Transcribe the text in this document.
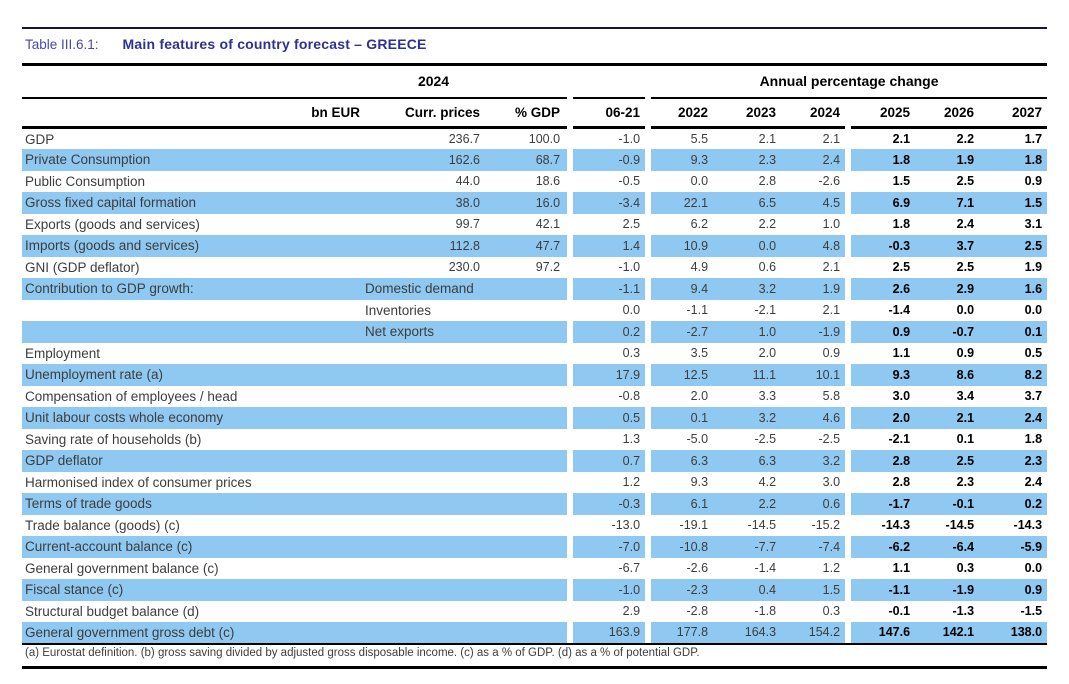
Table III.6.1: Main features of country forecast – GREECE
2024							Annual percentage change						
	bn EUR	Curr. prices	% GDP		06-21		2022	2023	2024		2025	2026	2027
GDP		236.7	100.0		-1.0		5.5	2.1	2.1		2.1	2.2	1.7
Private Consumption		162.6	68.7		-0.9		9.3	2.3	2.4		1.8	1.9	1.8
Public Consumption		44.0	18.6		-0.5		0.0	2.8	-2.6		1.5	2.5	0.9
Gross fixed capital formation		38.0	16.0		-3.4		22.1	6.5	4.5		6.9	7.1	1.5
Exports (goods and services)		99.7	42.1		2.5		6.2	2.2	1.0		1.8	2.4	3.1
Imports (goods and services)		112.8	47.7		1.4		10.9	0.0	4.8		-0.3	3.7	2.5
GNI (GDP deflator)		230.0	97.2		-1.0		4.9	0.6	2.1		2.5	2.5	1.9
Contribution to GDP growth:		Domestic demand			-1.1		9.4	3.2	1.9		2.6	2.9	1.6
		Inventories			0.0		-1.1	-2.1	2.1		-1.4	0.0	0.0
		Net exports			0.2		-2.7	1.0	-1.9		0.9	-0.7	0.1
Employment					0.3		3.5	2.0	0.9		1.1	0.9	0.5
Unemployment rate (a)					17.9		12.5	11.1	10.1		9.3	8.6	8.2
Compensation of employees / head					-0.8		2.0	3.3	5.8		3.0	3.4	3.7
Unit labour costs whole economy					0.5		0.1	3.2	4.6		2.0	2.1	2.4
Saving rate of households (b)					1.3		-5.0	-2.5	-2.5		-2.1	0.1	1.8
GDP deflator					0.7		6.3	6.3	3.2		2.8	2.5	2.3
Harmonised index of consumer prices					1.2		9.3	4.2	3.0		2.8	2.3	2.4
Terms of trade goods					-0.3		6.1	2.2	0.6		-1.7	-0.1	0.2
Trade balance (goods) (c)					-13.0		-19.1	-14.5	-15.2		-14.3	-14.5	-14.3
Current-account balance (c)					-7.0		-10.8	-7.7	-7.4		-6.2	-6.4	-5.9
General government balance (c)					-6.7		-2.6	-1.4	1.2		1.1	0.3	0.0
Fiscal stance (c)					-1.0		-2.3	0.4	1.5		-1.1	-1.9	0.9
Structural budget balance (d)					2.9		-2.8	-1.8	0.3		-0.1	-1.3	-1.5
General government gross debt (c)					163.9		177.8	164.3	154.2		147.6	142.1	138.0
(a) Eurostat definition. (b) gross saving divided by adjusted gross disposable income. (c) as a % of GDP. (d) as a % of potential GDP.
